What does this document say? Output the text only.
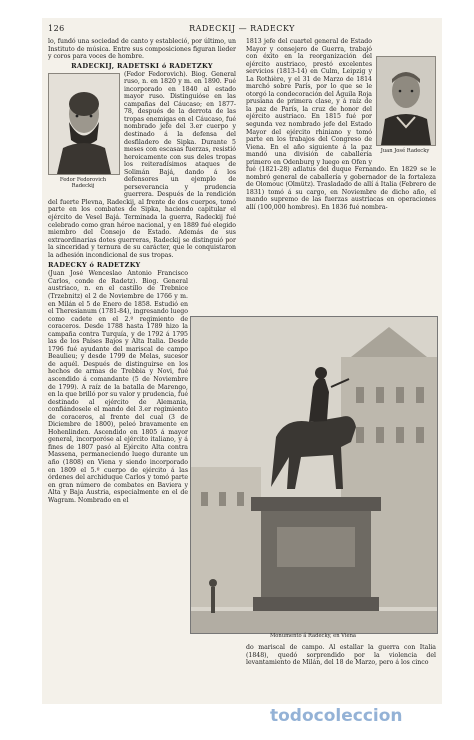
126	RADECKIJ — RADECKY

lo, fundó una sociedad de canto y estableció, por último, un Instituto de música. Entre sus composiciones figuran lieder y coros para voces de hombre.

RADECKIJ, RADETSKI ó RADETZKY
Fedor Fedorovich Radeckij

(Fedor Fedorovich). Biog. General ruso, n. en 1820 y m. en 1890. Fué incorporado en 1840 al estado mayor ruso. Distinguióse en las campañas del Cáucaso; en 1877-78, después de la derrota de las tropas enemigas en el Cáucaso, fué nombrado jefe del 3.er cuerpo y destinado á la defensa del desfiladero de Sipka. Durante 5 meses con escasas fuerzas, resistió heroicamente con sus deles tropas los reiteradísimos ataques de Solimán Bajá, dando á los defensores un ejemplo de perseverancia y prudencia guerrera. Después de la rendición del fuerte Plevna, Radeckij, al frente de dos cuerpos, tomó parte en los combates de Sipka, haciendo capitular el ejército de Vesel Bajá. Terminada la guerra, Radeckij fué celebrado como gran héroe nacional, y en 1889 fué elegido miembro del Consejo de Estado. Además de sus extraordinarias dotes guerreras, Radeckij se distinguió por la sinceridad y ternura de su carácter, que le conquistaron la adhesión incondicional de sus tropas.

RADECKY ó RADETZKY

(Juan José Wenceslao Antonio Francisco Carlos, conde de Radetz). Biog. General austriaco, n. en el castillo de Trebnice (Trzebnitz) el 2 de Noviembre de 1766 y m. en Milán el 5 de Enero de 1858. Estudió en el Theresianum (1781-84), ingresando luego como cadete en el 2.º regimiento de coraceros. Desde 1788 hasta 1789 hizo la campaña contra Turquía, y de 1792 á 1795 las de los Países Bajos y Alta Italia. Desde 1796 fué ayudante del mariscal de campo Beaulieu; y desde 1799 de Melas, sucesor de aquél. Después de distinguirse en los hechos de armas de Trebbia y Novi, fué ascendido á comandante (5 de Noviembre de 1799). A raíz de la batalla de Marengo, en la que brilló por su valor y prudencia, fué destinado al ejército de Alemania, confiándosele el mando del 3.er regimiento de coraceros, al frente del cual (3 de Diciembre de 1800), peleó bravamente en Hohenlinden. Ascendido en 1805 á mayor general, incorporóse al ejército italiano, y á fines de 1807 pasó al Ejército Alta contra Massena, permaneciendo luego durante un año (1808) en Viena y siendo incorporado en 1809 el 5.º cuerpo de ejército á las órdenes del archiduque Carlos y tomó parte en gran número de combates en Baviera y Alta y Baja Austria, especialmente en el de Wagram. Nombrado en el

Juan José Radecky

1813 jefe del cuartel general de Estado Mayor y consejero de Guerra, trabajó con éxito en la reorganización del ejército austriaco, prestó excelentes servicios (1813-14) en Culm, Leipzig y La Rothière, y el 31 de Marzo de 1814 marchó sobre París, por lo que se le otorgó la condecoración del Águila Roja prusiana de primera clase, y á raíz de la paz de París, la cruz de honor del ejército austriaco. En 1815 fué por segunda vez nombrado jefe del Estado Mayor del ejército rhiniano y tomó parte en los trabajos del Congreso de Viena. En el año siguiente á la paz mandó una división de caballería primero en Odenburg y luego en Ofen y fué (1821-28) adlatus del duque Fernando. En 1829 se le nombró general de caballería y gobernador de la fortaleza de Olomouc (Olmütz). Trasladado de allí á Italia (Febrero de 1831) tomó á su cargo, en Noviembre de dicho año, el mando supremo de las fuerzas austriacas en operaciones allí (100,000 hombres). En 1836 fué nombra-

Monumento á Radecky, en Viena

do mariscal de campo. Al estallar la guerra con Italia (1848), quedó sorprendido por la violencia del levantamiento de Milán, del 18 de Marzo, pero á los cinco

todocoleccion
